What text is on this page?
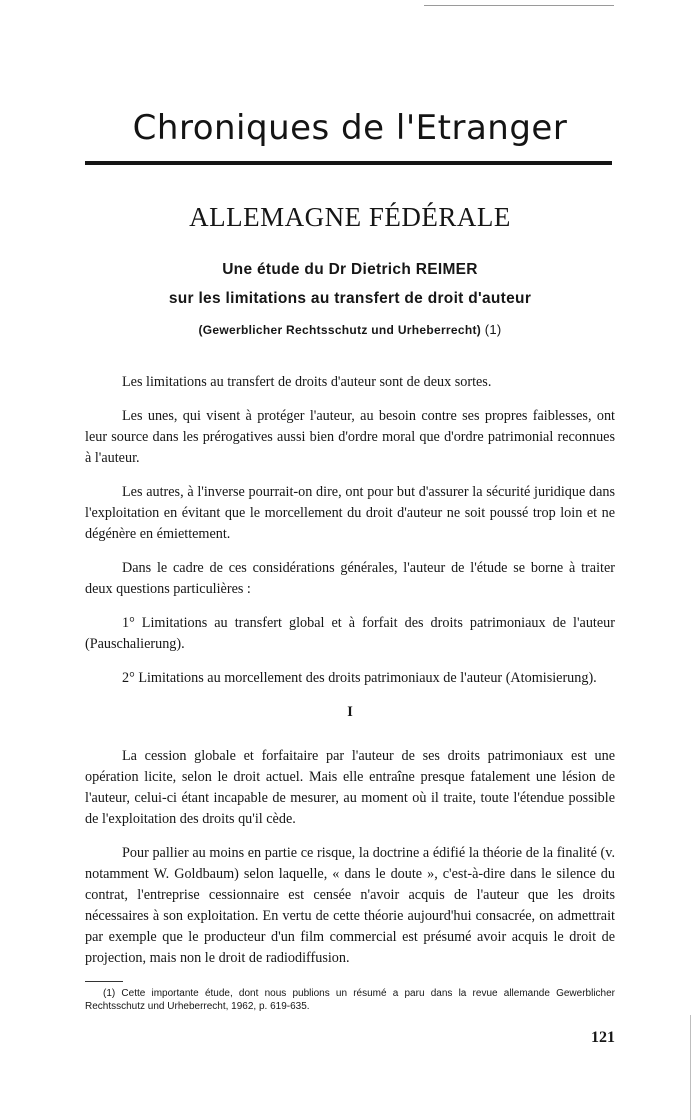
Chroniques de l'Etranger
ALLEMAGNE FÉDÉRALE

Une étude du Dr Dietrich REIMER

sur les limitations au transfert de droit d'auteur

(Gewerblicher Rechtsschutz und Urheberrecht) (1)

Les limitations au transfert de droits d'auteur sont de deux sortes.

Les unes, qui visent à protéger l'auteur, au besoin contre ses propres faiblesses, ont leur source dans les prérogatives aussi bien d'ordre moral que d'ordre patrimonial reconnues à l'auteur.

Les autres, à l'inverse pourrait-on dire, ont pour but d'assurer la sécurité juridique dans l'exploitation en évitant que le morcellement du droit d'auteur ne soit poussé trop loin et ne dégénère en émiettement.

Dans le cadre de ces considérations générales, l'auteur de l'étude se borne à traiter deux questions particulières :

1° Limitations au transfert global et à forfait des droits patrimoniaux de l'auteur (Pauschalierung).

2° Limitations au morcellement des droits patrimoniaux de l'auteur (Atomisierung).

I

La cession globale et forfaitaire par l'auteur de ses droits patrimoniaux est une opération licite, selon le droit actuel. Mais elle entraîne presque fatalement une lésion de l'auteur, celui-ci étant incapable de mesurer, au moment où il traite, toute l'étendue possible de l'exploitation des droits qu'il cède.

Pour pallier au moins en partie ce risque, la doctrine a édifié la théorie de la finalité (v. notamment W. Goldbaum) selon laquelle, « dans le doute », c'est-à-dire dans le silence du contrat, l'entreprise cessionnaire est censée n'avoir acquis de l'auteur que les droits nécessaires à son exploitation. En vertu de cette théorie aujourd'hui consacrée, on admettrait par exemple que le producteur d'un film commercial est présumé avoir acquis le droit de projection, mais non le droit de radiodiffusion.

(1) Cette importante étude, dont nous publions un résumé a paru dans la revue allemande Gewerblicher Rechtsschutz und Urheberrecht, 1962, p. 619-635.

121
